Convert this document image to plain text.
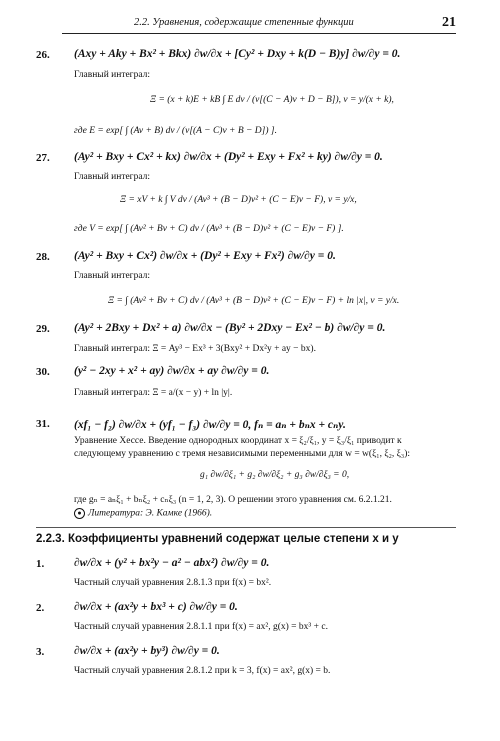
2.2. Уравнения, содержащие степенные функции	21
26. (Axy + Aky + Bx² + Bkx) ∂w/∂x + [Cy² + Dxy + k(D − B)y] ∂w/∂y = 0.
Главный интеграл:
Ξ = (x + k)E + kB ∫ E dv / (v[(C − A)v + D − B]), v = y/(x + k),
где E = exp[ ∫ (Av + B) dv / (v[(A − C)v + B − D]) ].
27. (Ay² + Bxy + Cx² + kx) ∂w/∂x + (Dy² + Exy + Fx² + ky) ∂w/∂y = 0.
Главный интеграл:
Ξ = xV + k ∫ V dv / (Av³ + (B − D)v² + (C − E)v − F), v = y/x,
где V = exp[ ∫ (Av² + Bv + C) dv / (Av³ + (B − D)v² + (C − E)v − F) ].
28. (Ay² + Bxy + Cx²) ∂w/∂x + (Dy² + Exy + Fx²) ∂w/∂y = 0.
Главный интеграл:
Ξ = ∫ (Av² + Bv + C) dv / (Av³ + (B − D)v² + (C − E)v − F) + ln |x|, v = y/x.
29. (Ay² + 2Bxy + Dx² + a) ∂w/∂x − (By² + 2Dxy − Ex² − b) ∂w/∂y = 0.
Главный интеграл: Ξ = Ay³ − Ex³ + 3(Bxy² + Dx²y + ay − bx).
30. (y² − 2xy + x² + ay) ∂w/∂x + ay ∂w/∂y = 0.
Главный интеграл: Ξ = a/(x − y) + ln |y|.
31. (xf₁ − f₂) ∂w/∂x + (yf₁ − f₃) ∂w/∂y = 0, fₙ = aₙ + bₙx + cₙy.
Уравнение Хессе. Введение однородных координат x = ξ₂/ξ₁, y = ξ₃/ξ₁ приводит к
следующему уравнению с тремя независимыми переменными для w = w(ξ₁, ξ₂, ξ₃):
g₁ ∂w/∂ξ₁ + g₂ ∂w/∂ξ₂ + g₃ ∂w/∂ξ₃ = 0,
где gₙ = aₙξ₁ + bₙξ₂ + cₙξ₃ (n = 1, 2, 3). О решении этого уравнения см. 6.2.1.21.
● Литература: Э. Камке (1966).
2.2.3. Коэффициенты уравнений содержат целые степени x и y
1.	∂w/∂x + (y² + bx²y − a² − abx²) ∂w/∂y = 0.
Частный случай уравнения 2.8.1.3 при f(x) = bx².
2.	∂w/∂x + (ax²y + bx³ + c) ∂w/∂y = 0.
Частный случай уравнения 2.8.1.1 при f(x) = ax², g(x) = bx³ + c.
3.	∂w/∂x + (ax²y + by³) ∂w/∂y = 0.
Частный случай уравнения 2.8.1.2 при k = 3, f(x) = ax², g(x) = b.
